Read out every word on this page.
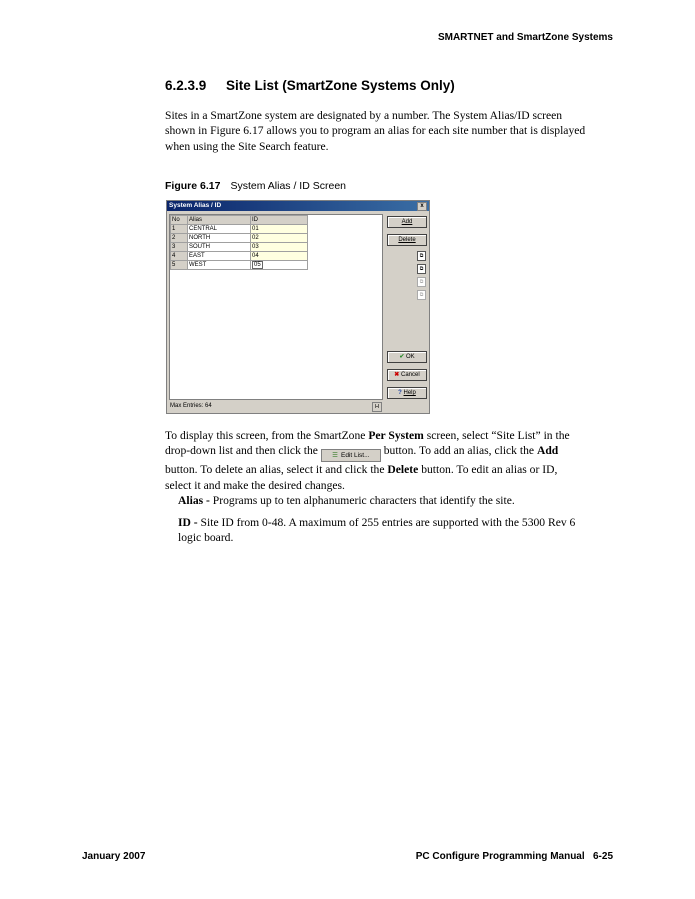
SMARTNET and SmartZone Systems
6.2.3.9 Site List (SmartZone Systems Only)
Sites in a SmartZone system are designated by a number. The System Alias/ID screen
shown in Figure 6.17 allows you to program an alias for each site number that is displayed
when using the Site Search feature.
Figure 6.17 System Alias / ID Screen
System Alias / ID	x
No	Alias	ID
1	CENTRAL	01
2	NORTH	02
3	SOUTH	03
4	EAST	04
5	WEST	05
Add
Delete
⧉
⧉
⧉
⧉
✔ OK
✖ Cancel
? Help
Max Entries: 64	H
To display this screen, from the SmartZone Per System screen, select “Site List” in the
drop-down list and then click the ☰ Edit List... button. To add an alias, click the Add
button. To delete an alias, select it and click the Delete button. To edit an alias or ID,
select it and make the desired changes.
Alias - Programs up to ten alphanumeric characters that identify the site.
ID - Site ID from 0-48. A maximum of 255 entries are supported with the 5300 Rev 6
logic board.
January 2007	PC Configure Programming Manual 6-25
